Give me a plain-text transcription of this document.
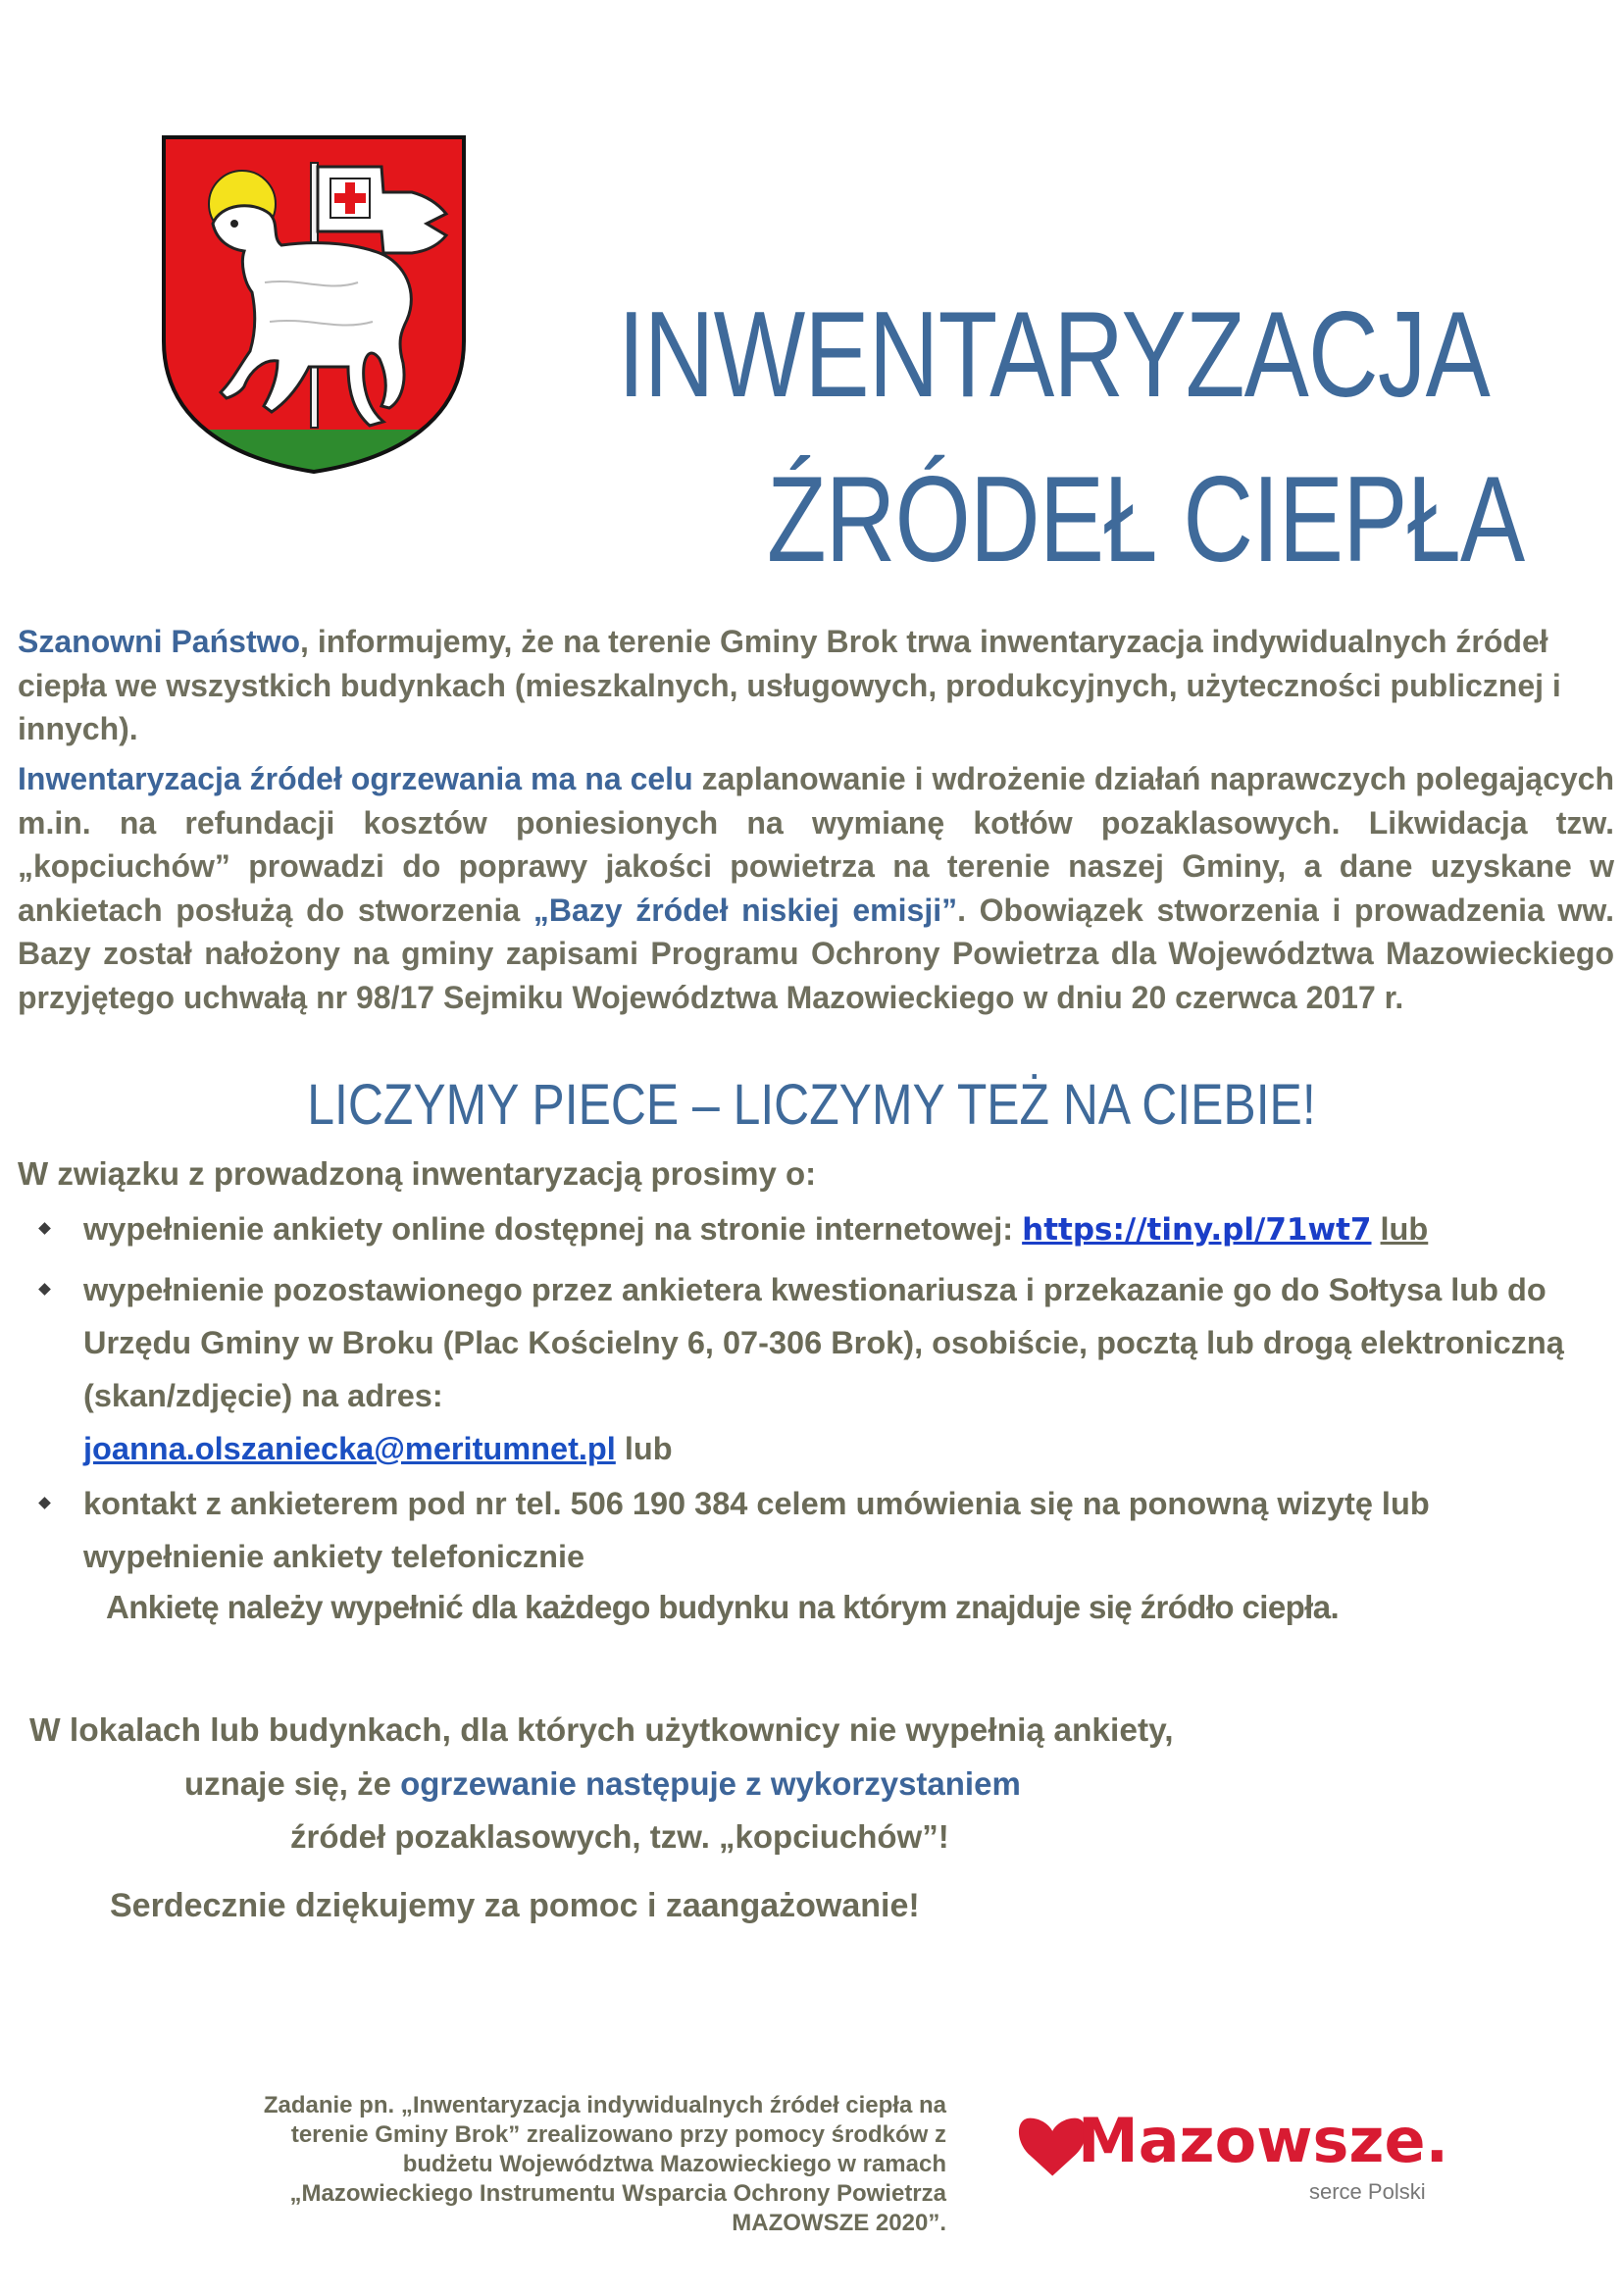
INWENTARYZACJA
ŹRÓDEŁ CIEPŁA
Szanowni Państwo, informujemy, że na terenie Gminy Brok trwa inwentaryzacja indywidualnych źródeł ciepła we wszystkich budynkach (mieszkalnych, usługowych, produkcyjnych, użyteczności publicznej i innych).
Inwentaryzacja źródeł ogrzewania ma na celu zaplanowanie i wdrożenie działań naprawczych polegających m.in. na refundacji kosztów poniesionych na wymianę kotłów pozaklasowych. Likwidacja tzw. „kopciuchów” prowadzi do poprawy jakości powietrza na terenie naszej Gminy, a dane uzyskane w ankietach posłużą do stworzenia „Bazy źródeł niskiej emisji”. Obowiązek stworzenia i prowadzenia ww. Bazy został nałożony na gminy zapisami Programu Ochrony Powietrza dla Województwa Mazowieckiego przyjętego uchwałą nr 98/17 Sejmiku Województwa Mazowieckiego w dniu 20 czerwca 2017 r.
LICZYMY PIECE – LICZYMY TEŻ NA CIEBIE!
W związku z prowadzoną inwentaryzacją prosimy o:
wypełnienie ankiety online dostępnej na stronie internetowej: https://tiny.pl/71wt7 lub
wypełnienie pozostawionego przez ankietera kwestionariusza i przekazanie go do Sołtysa lub do Urzędu Gminy w Broku (Plac Kościelny 6, 07-306 Brok), osobiście, pocztą lub drogą elektroniczną (skan/zdjęcie) na adres:
joanna.olszaniecka@meritumnet.pl lub
kontakt z ankieterem pod nr tel. 506 190 384 celem umówienia się na ponowną wizytę lub wypełnienie ankiety telefonicznie
Ankietę należy wypełnić dla każdego budynku na którym znajduje się źródło ciepła.
W lokalach lub budynkach, dla których użytkownicy nie wypełnią ankiety,
uznaje się, że ogrzewanie następuje z wykorzystaniem
źródeł pozaklasowych, tzw. „kopciuchów”!
Serdecznie dziękujemy za pomoc i zaangażowanie!
Zadanie pn. „Inwentaryzacja indywidualnych źródeł ciepła na
terenie Gminy Brok” zrealizowano przy pomocy środków z
budżetu Województwa Mazowieckiego w ramach
„Mazowieckiego Instrumentu Wsparcia Ochrony Powietrza
MAZOWSZE 2020”.
Mazowsze.
serce Polski
